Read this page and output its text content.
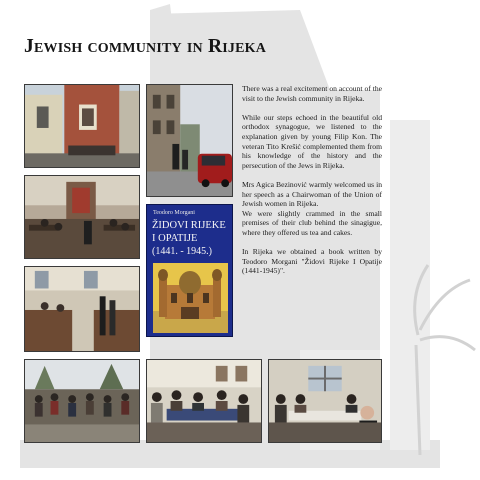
Jewish community in Rijeka

Teodoro Morgani

ŽIDOVI RIJEKE
I OPATIJE

(1441. - 1945.)

There was a real excitement on account of the visit to the Jewish community in Rijeka.

While our steps echoed in the beautiful old orthodox synagogue, we listened to the explanation given by young Filip Kon. The veteran Tito Krešić complemented them from his knowledge of the history and the persecution of the Jews in Rijeka.

Mrs Agica Bezinović warmly welcomed us in her speech as a Chairwoman of the Union of Jewish women in Rijeka.
We were slightly crammed in the small premises of their club behind the sinagigue, where they offered us tea and cakes.

In Rijeka we obtained a book written by Teodoro Morgani "Židovi Rijeke I Opatije (1441-1945)".
